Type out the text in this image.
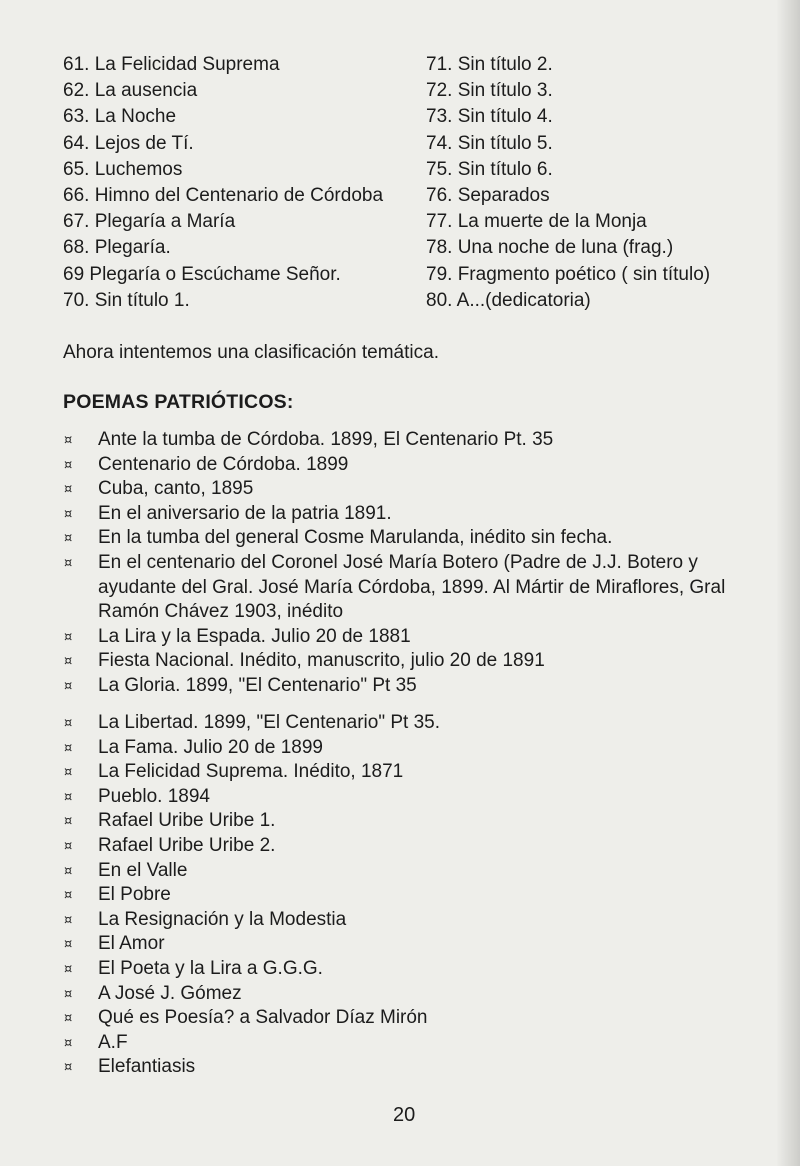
61. La Felicidad Suprema
62. La ausencia
63. La Noche
64. Lejos de Tí.
65. Luchemos
66. Himno del Centenario de Córdoba
67. Plegaría a María
68. Plegaría.
69 Plegaría o Escúchame Señor.
70. Sin título 1.
71. Sin título 2.
72. Sin título 3.
73. Sin título 4.
74. Sin título 5.
75. Sin título 6.
76. Separados
77. La muerte de la Monja
78. Una noche de luna (frag.)
79. Fragmento poético ( sin título)
80. A...(dedicatoria)
Ahora intentemos una clasificación temática.
POEMAS PATRIÓTICOS:
¤ Ante la tumba de Córdoba. 1899, El Centenario Pt. 35
¤ Centenario de Córdoba. 1899
¤ Cuba, canto, 1895
¤ En el aniversario de la patria 1891.
¤ En la tumba del general Cosme Marulanda, inédito sin fecha.
¤ En el centenario del Coronel José María Botero (Padre de J.J. Botero y ayudante del Gral. José María Córdoba, 1899. Al Mártir de Miraflores, Gral Ramón Chávez 1903, inédito
¤ La Lira y la Espada. Julio 20 de 1881
¤ Fiesta Nacional. Inédito, manuscrito, julio 20 de 1891
¤ La Gloria. 1899, "El Centenario" Pt 35
¤ La Libertad. 1899, "El Centenario" Pt 35.
¤ La Fama. Julio 20 de 1899
¤ La Felicidad Suprema. Inédito, 1871
¤ Pueblo. 1894
¤ Rafael Uribe Uribe 1.
¤ Rafael Uribe Uribe 2.
¤ En el Valle
¤ El Pobre
¤ La Resignación y la Modestia
¤ El Amor
¤ El Poeta y la Lira a G.G.G.
¤ A José J. Gómez
¤ Qué es Poesía? a Salvador Díaz Mirón
¤ A.F
¤ Elefantiasis
20
